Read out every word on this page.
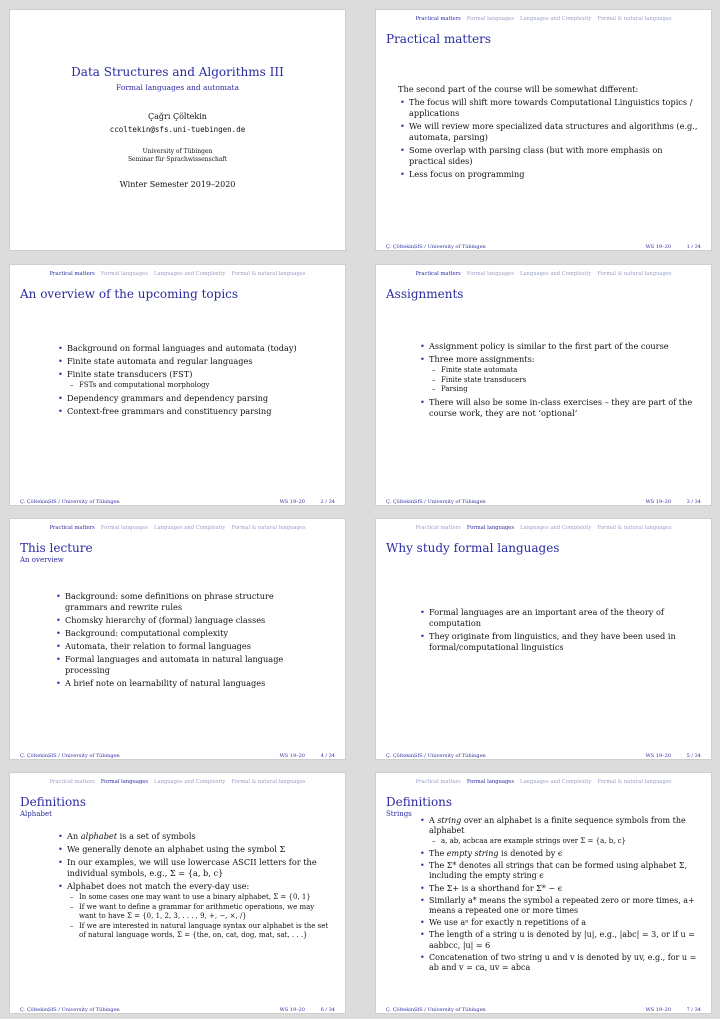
Data Structures and Algorithms III
Formal languages and automata
Çağrı Çöltekin
ccoltekin@sfs.uni-tuebingen.de
University of Tübingen
Seminar für Sprachwissenschaft
Winter Semester 2019–2020
Practical matters Formal languages Languages and Complexity Formal & natural languages
Practical matters
The second part of the course will be somewhat different:
• The focus will shift more towards Computational Linguistics topics / applications
• We will review more specialized data structures and algorithms (e.g., automata, parsing)
• Some overlap with parsing class (but with more emphasis on practical sides)
• Less focus on programming
Ç. Çöltekin,
SfS / University of Tübingen	WS 19–20	1 / 34
Practical matters Formal languages Languages and Complexity Formal & natural languages
An overview of the upcoming topics
• Background on formal languages and automata (today)
• Finite state automata and regular languages
• Finite state transducers (FST)
– FSTs and computational morphology
• Dependency grammars and dependency parsing
• Context-free grammars and constituency parsing
Ç. Çöltekin,
SfS / University of Tübingen	WS 19–20	2 / 34
Practical matters Formal languages Languages and Complexity Formal & natural languages
Assignments
• Assignment policy is similar to the first part of the course
• Three more assignments:
– Finite state automata
– Finite state transducers
– Parsing
• There will also be some in-class exercises – they are part of the course work, they are not ‘optional’
Ç. Çöltekin,
SfS / University of Tübingen	WS 19–20	3 / 34
Practical matters Formal languages Languages and Complexity Formal & natural languages
This lecture
An overview
• Background: some definitions on phrase structure grammars and rewrite rules
• Chomsky hierarchy of (formal) language classes
• Background: computational complexity
• Automata, their relation to formal languages
• Formal languages and automata in natural language processing
• A brief note on learnability of natural languages
Ç. Çöltekin,
SfS / University of Tübingen	WS 19–20	4 / 34
Practical matters Formal languages Languages and Complexity Formal & natural languages
Why study formal languages
• Formal languages are an important area of the theory of computation
• They originate from linguistics, and they have been used in formal/computational linguistics
Ç. Çöltekin,
SfS / University of Tübingen	WS 19–20	5 / 34
Practical matters Formal languages Languages and Complexity Formal & natural languages
Definitions
Alphabet
• An alphabet is a set of symbols
• We generally denote an alphabet using the symbol Σ
• In our examples, we will use lowercase ASCII letters for the individual symbols, e.g., Σ = {a, b, c}
• Alphabet does not match the every-day use:
– In some cases one may want to use a binary alphabet, Σ = {0, 1}
– If we want to define a grammar for arithmetic operations, we may want to have Σ = {0, 1, 2, 3, . . . , 9, +, −, ×, /}
– If we are interested in natural language syntax our alphabet is the set of natural language words, Σ = {the, on, cat, dog, mat, sat, . . .}
Ç. Çöltekin,
SfS / University of Tübingen	WS 19–20	6 / 34
Practical matters Formal languages Languages and Complexity Formal & natural languages
Definitions
Strings
• A string over an alphabet is a finite sequence symbols from the alphabet
– a, ab, acbcaa are example strings over Σ = {a, b, c}
• The empty string is denoted by ϵ
• The Σ* denotes all strings that can be formed using alphabet Σ, including the empty string ϵ
• The Σ+ is a shorthand for Σ* − ϵ
• Similarly a* means the symbol a repeated zero or more times, a+ means a repeated one or more times
• We use aⁿ for exactly n repetitions of a
• The length of a string u is denoted by |u|, e.g., |abc| = 3, or if u = aabbcc, |u| = 6
• Concatenation of two string u and v is denoted by uv, e.g., for u = ab and v = ca, uv = abca
Ç. Çöltekin,
SfS / University of Tübingen	WS 19–20	7 / 34
